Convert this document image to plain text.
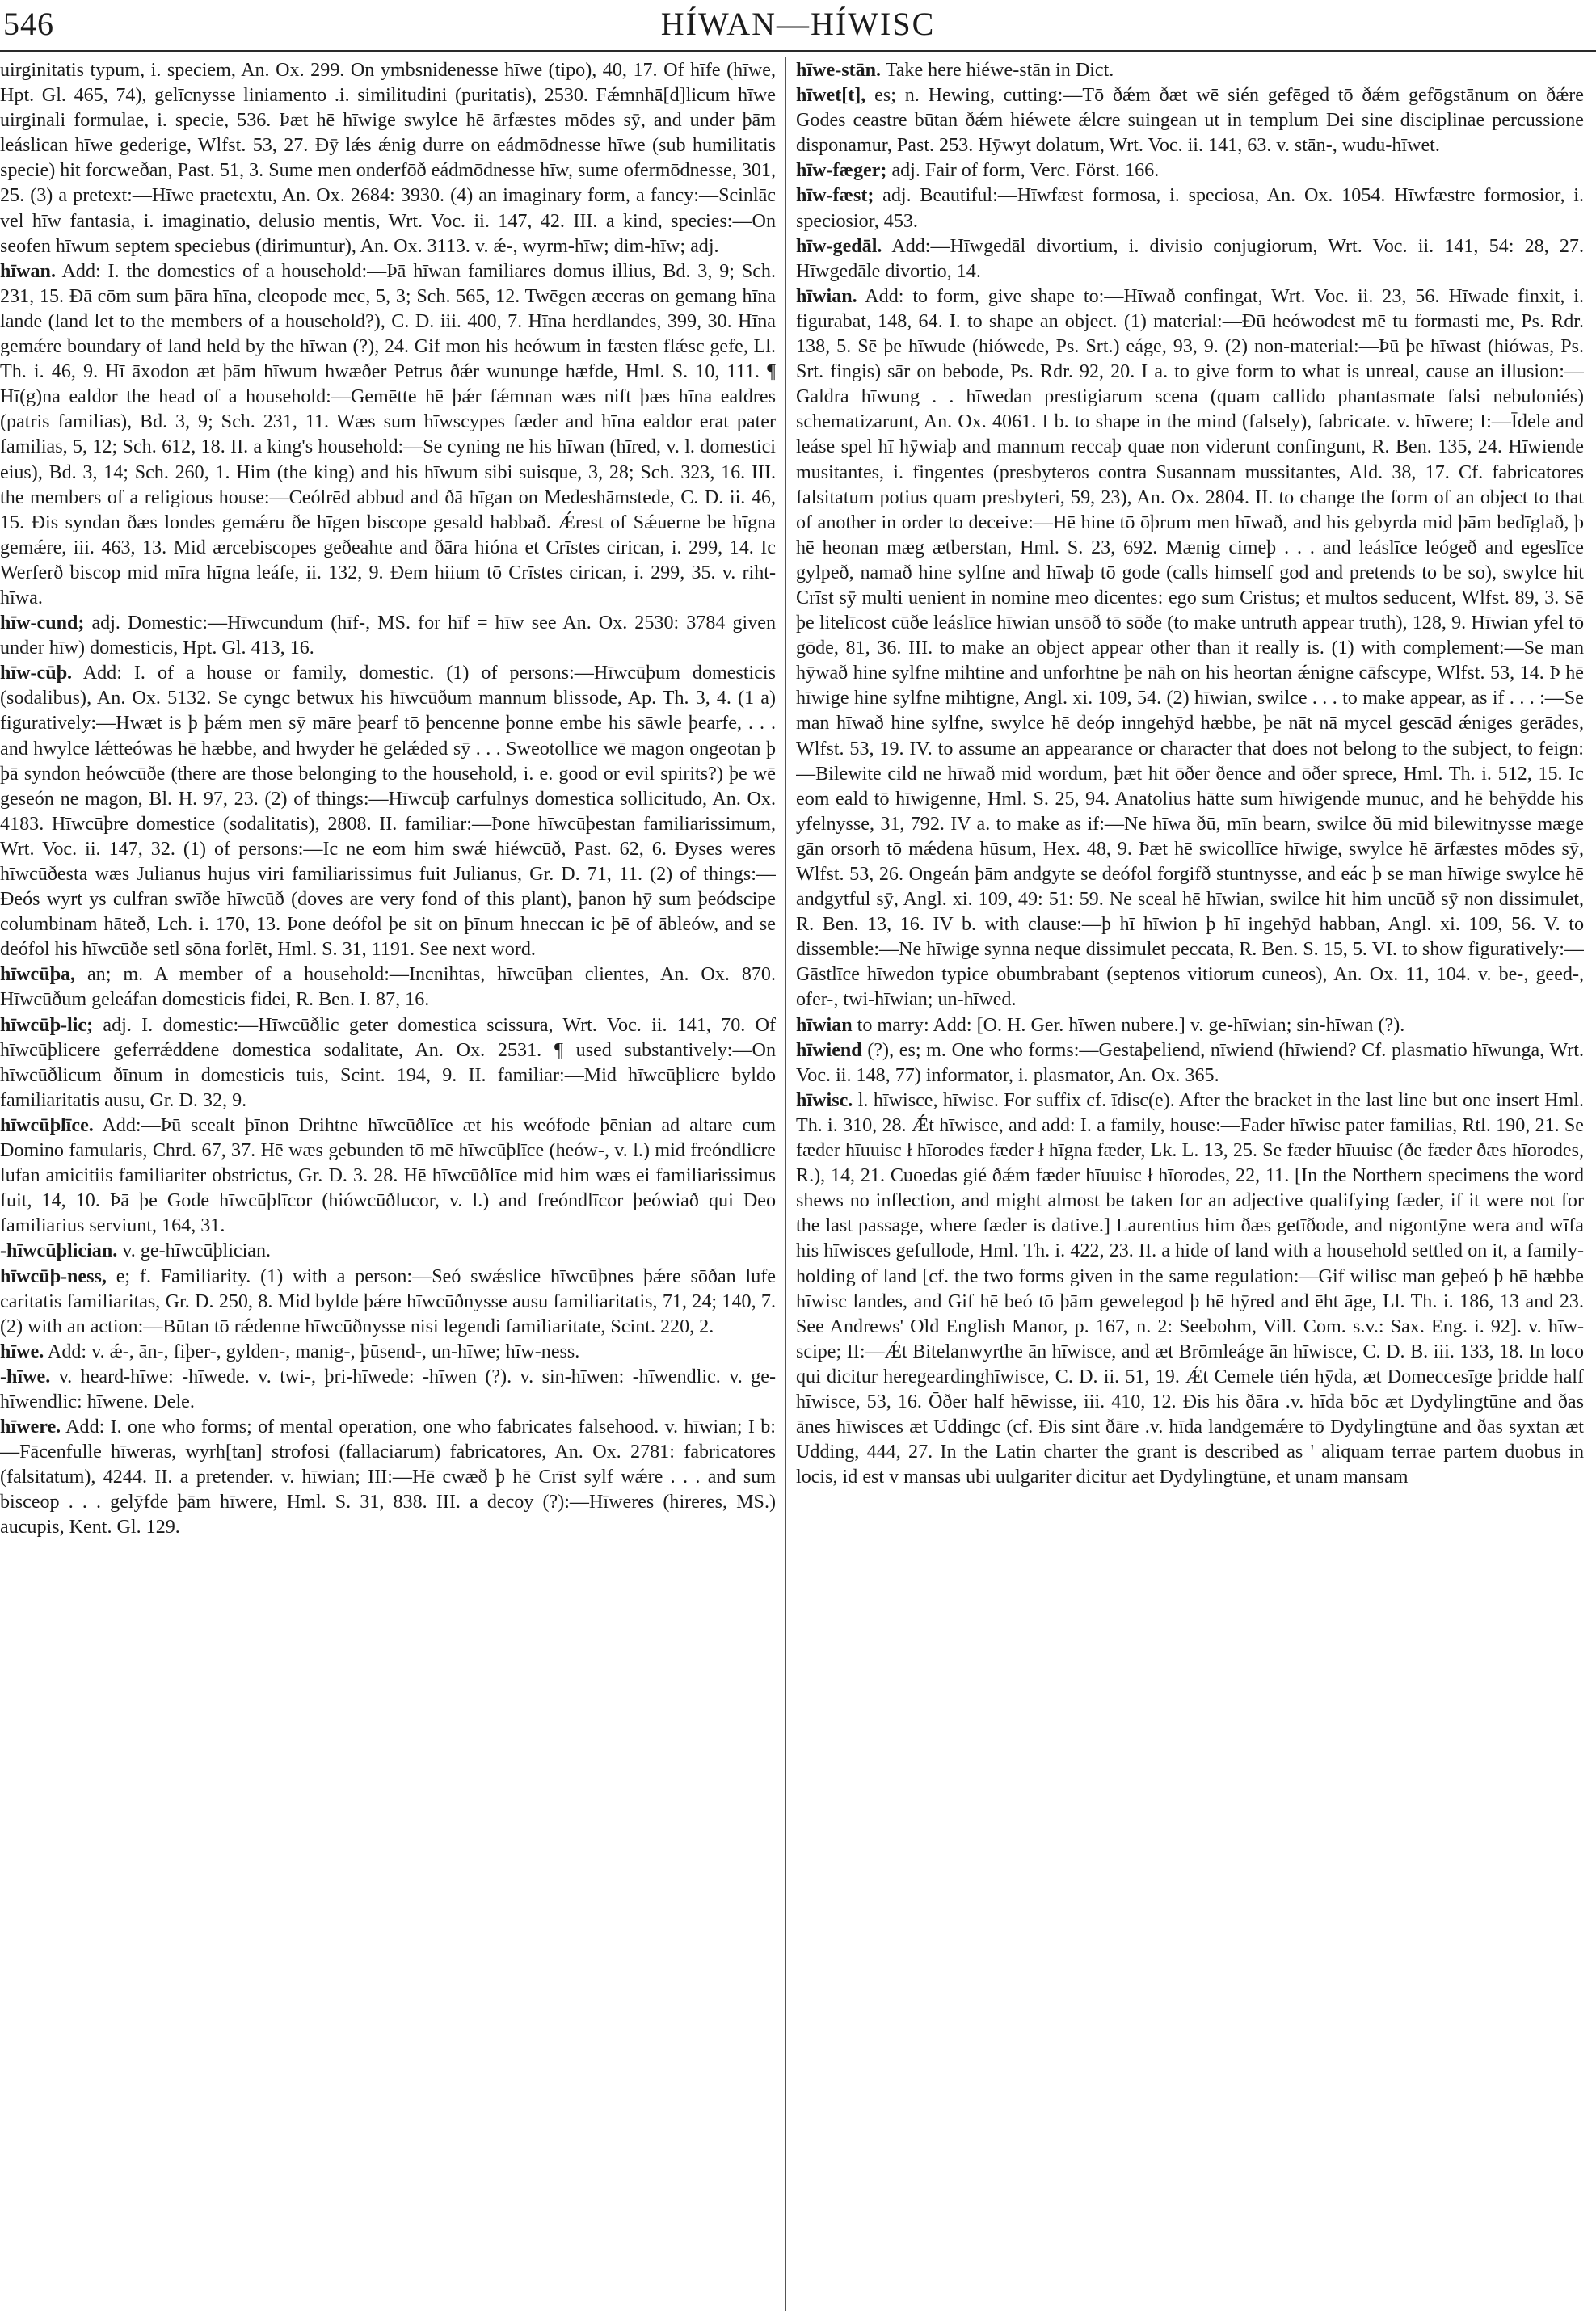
546	HÍWAN—HÍWISC

uirginitatis typum, i. speciem, An. Ox. 299. On ymbsnidenesse hīwe (tipo), 40, 17. Of hīfe (hīwe, Hpt. Gl. 465, 74), gelīcnysse liniamento .i. similitudini (puritatis), 2530. Fǽmnhā[d]licum hīwe uirginali formulae, i. specie, 536. Þæt hē hīwige swylce hē ārfæstes mōdes sȳ, and under þām leáslican hīwe gederige, Wlfst. 53, 27. Ðȳ lǽs ǽnig durre on eádmōdnesse hīwe (sub humilitatis specie) hit forcweðan, Past. 51, 3. Sume men onderfōð eádmōdnesse hīw, sume ofermōdnesse, 301, 25. (3) a pretext:—Hīwe praetextu, An. Ox. 2684: 3930. (4) an imaginary form, a fancy:—Scinlāc vel hīw fantasia, i. imaginatio, delusio mentis, Wrt. Voc. ii. 147, 42. III. a kind, species:—On seofen hīwum septem speciebus (dirimuntur), An. Ox. 3113. v. ǽ-, wyrm-hīw; dim-hīw; adj.

hīwan. Add: I. the domestics of a household:—Þā hīwan familiares domus illius, Bd. 3, 9; Sch. 231, 15. Ðā cōm sum þāra hīna, cleopode mec, 5, 3; Sch. 565, 12. Twēgen æceras on gemang hīna lande (land let to the members of a household?), C. D. iii. 400, 7. Hīna herdlandes, 399, 30. Hīna gemǽre boundary of land held by the hīwan (?), 24. Gif mon his heówum in fæsten flǽsc gefe, Ll. Th. i. 46, 9. Hī āxodon æt þām hīwum hwæðer Petrus ðǽr wununge hæfde, Hml. S. 10, 111. ¶ Hī(g)na ealdor the head of a household:—Gemētte hē þǽr fǽmnan wæs nift þæs hīna ealdres (patris familias), Bd. 3, 9; Sch. 231, 11. Wæs sum hīwscypes fæder and hīna ealdor erat pater familias, 5, 12; Sch. 612, 18. II. a king's household:—Se cyning ne his hīwan (hīred, v. l. domestici eius), Bd. 3, 14; Sch. 260, 1. Him (the king) and his hīwum sibi suisque, 3, 28; Sch. 323, 16. III. the members of a religious house:—Ceólrēd abbud and ðā hīgan on Medeshāmstede, C. D. ii. 46, 15. Ðis syndan ðæs londes gemǽru ðe hīgen biscope gesald habbað. Ǽrest of Sǽuerne be hīgna gemǽre, iii. 463, 13. Mid ærcebiscopes geðeahte and ðāra hióna et Crīstes cirican, i. 299, 14. Ic Werferð biscop mid mīra hīgna leáfe, ii. 132, 9. Ðem hiium tō Crīstes cirican, i. 299, 35. v. riht-hīwa.

hīw-cund; adj. Domestic:—Hīwcundum (hīf-, MS. for hīf = hīw see An. Ox. 2530: 3784 given under hīw) domesticis, Hpt. Gl. 413, 16.

hīw-cūþ. Add: I. of a house or family, domestic. (1) of persons:—Hīwcūþum domesticis (sodalibus), An. Ox. 5132. Se cyngc betwux his hīwcūðum mannum blissode, Ap. Th. 3, 4. (1 a) figuratively:—Hwæt is þ þǽm men sȳ māre þearf tō þencenne þonne embe his sāwle þearfe, . . . and hwylce lǽtteówas hē hæbbe, and hwyder hē gelǽded sȳ . . . Sweotollīce wē magon ongeotan þ þā syndon heówcūðe (there are those belonging to the household, i. e. good or evil spirits?) þe wē geseón ne magon, Bl. H. 97, 23. (2) of things:—Hīwcūþ carfulnys domestica sollicitudo, An. Ox. 4183. Hīwcūþre domestice (sodalitatis), 2808. II. familiar:—Þone hīwcūþestan familiarissimum, Wrt. Voc. ii. 147, 32. (1) of persons:—Ic ne eom him swǽ hiéwcūð, Past. 62, 6. Ðyses weres hīwcūðesta wæs Julianus hujus viri familiarissimus fuit Julianus, Gr. D. 71, 11. (2) of things:—Ðeós wyrt ys culfran swīðe hīwcūð (doves are very fond of this plant), þanon hȳ sum þeódscipe columbinam hāteð, Lch. i. 170, 13. Þone deófol þe sit on þīnum hneccan ic þē of ābleów, and se deófol his hīwcūðe setl sōna forlēt, Hml. S. 31, 1191. See next word.

hīwcūþa, an; m. A member of a household:—Incnihtas, hīwcūþan clientes, An. Ox. 870. Hīwcūðum geleáfan domesticis fidei, R. Ben. I. 87, 16.

hīwcūþ-lic; adj. I. domestic:—Hīwcūðlic geter domestica scissura, Wrt. Voc. ii. 141, 70. Of hīwcūþlicere geferrǽddene domestica sodalitate, An. Ox. 2531. ¶ used substantively:—On hīwcūðlicum ðīnum in domesticis tuis, Scint. 194, 9. II. familiar:—Mid hīwcūþlicre byldo familiaritatis ausu, Gr. D. 32, 9.

hīwcūþlīce. Add:—Þū scealt þīnon Drihtne hīwcūðlīce æt his weófode þēnian ad altare cum Domino famularis, Chrd. 67, 37. Hē wæs gebunden tō mē hīwcūþlīce (heów-, v. l.) mid freóndlicre lufan amicitiis familiariter obstrictus, Gr. D. 3. 28. Hē hīwcūðlīce mid him wæs ei familiarissimus fuit, 14, 10. Þā þe Gode hīwcūþlīcor (hiówcūðlucor, v. l.) and freóndlīcor þeówiað qui Deo familiarius serviunt, 164, 31.

-hīwcūþlician. v. ge-hīwcūþlician.

hīwcūþ-ness, e; f. Familiarity. (1) with a person:—Seó swǽslice hīwcūþnes þǽre sōðan lufe caritatis familiaritas, Gr. D. 250, 8. Mid bylde þǽre hīwcūðnysse ausu familiaritatis, 71, 24; 140, 7. (2) with an action:—Būtan tō rǽdenne hīwcūðnysse nisi legendi familiaritate, Scint. 220, 2.

hīwe. Add: v. ǽ-, ān-, fiþer-, gylden-, manig-, þūsend-, un-hīwe; hīw-ness.

-hīwe. v. heard-hīwe: -hīwede. v. twi-, þri-hīwede: -hīwen (?). v. sin-hīwen: -hīwendlic. v. ge-hīwendlic: hīwene. Dele.

hīwere. Add: I. one who forms; of mental operation, one who fabricates falsehood. v. hīwian; I b:—Fācenfulle hīweras, wyrh[tan] strofosi (fallaciarum) fabricatores, An. Ox. 2781: fabricatores (falsitatum), 4244. II. a pretender. v. hīwian; III:—Hē cwæð þ hē Crīst sylf wǽre . . . and sum bisceop . . . gelȳfde þām hīwere, Hml. S. 31, 838. III. a decoy (?):—Hīweres (hireres, MS.) aucupis, Kent. Gl. 129.

hīwe-stān. Take here hiéwe-stān in Dict.

hīwet[t], es; n. Hewing, cutting:—Tō ðǽm ðæt wē sién gefēged tō ðǽm gefōgstānum on ðǽre Godes ceastre būtan ðǽm hiéwete ǽlcre suingean ut in templum Dei sine disciplinae percussione disponamur, Past. 253. Hȳwyt dolatum, Wrt. Voc. ii. 141, 63. v. stān-, wudu-hīwet.

hīw-fæger; adj. Fair of form, Verc. Först. 166.

hīw-fæst; adj. Beautiful:—Hīwfæst formosa, i. speciosa, An. Ox. 1054. Hīwfæstre formosior, i. speciosior, 453.

hīw-gedāl. Add:—Hīwgedāl divortium, i. divisio conjugiorum, Wrt. Voc. ii. 141, 54: 28, 27. Hīwgedāle divortio, 14.

hīwian. Add: to form, give shape to:—Hīwað confingat, Wrt. Voc. ii. 23, 56. Hīwade finxit, i. figurabat, 148, 64. I. to shape an object. (1) material:—Ðū heówodest mē tu formasti me, Ps. Rdr. 138, 5. Sē þe hīwude (hiówede, Ps. Srt.) eáge, 93, 9. (2) non-material:—Þū þe hīwast (hiówas, Ps. Srt. fingis) sār on bebode, Ps. Rdr. 92, 20. I a. to give form to what is unreal, cause an illusion:—Galdra hīwung . . hīwedan prestigiarum scena (quam callido phantasmate falsi nebuloniés) schematizarunt, An. Ox. 4061. I b. to shape in the mind (falsely), fabricate. v. hīwere; I:—Īdele and leáse spel hī hȳwiaþ and mannum reccaþ quae non viderunt confingunt, R. Ben. 135, 24. Hīwiende musitantes, i. fingentes (presbyteros contra Susannam mussitantes, Ald. 38, 17. Cf. fabricatores falsitatum potius quam presbyteri, 59, 23), An. Ox. 2804. II. to change the form of an object to that of another in order to deceive:—Hē hine tō ōþrum men hīwað, and his gebyrda mid þām bedīglað, þ hē heonan mæg ætberstan, Hml. S. 23, 692. Mænig cimeþ . . . and leáslīce leógeð and egeslīce gylpeð, namað hine sylfne and hīwaþ tō gode (calls himself god and pretends to be so), swylce hit Crīst sȳ multi uenient in nomine meo dicentes: ego sum Cristus; et multos seducent, Wlfst. 89, 3. Sē þe litelīcost cūðe leáslīce hīwian unsōð tō sōðe (to make untruth appear truth), 128, 9. Hīwian yfel tō gōde, 81, 36. III. to make an object appear other than it really is. (1) with complement:—Se man hȳwað hine sylfne mihtine and unforhtne þe nāh on his heortan ǽnigne cāfscype, Wlfst. 53, 14. Þ hē hīwige hine sylfne mihtigne, Angl. xi. 109, 54. (2) hīwian, swilce . . . to make appear, as if . . . :—Se man hīwað hine sylfne, swylce hē deóp inngehȳd hæbbe, þe nāt nā mycel gescād ǽniges gerādes, Wlfst. 53, 19. IV. to assume an appearance or character that does not belong to the subject, to feign:—Bilewite cild ne hīwað mid wordum, þæt hit ōðer ðence and ōðer sprece, Hml. Th. i. 512, 15. Ic eom eald tō hīwigenne, Hml. S. 25, 94. Anatolius hātte sum hīwigende munuc, and hē behȳdde his yfelnysse, 31, 792. IV a. to make as if:—Ne hīwa ðū, mīn bearn, swilce ðū mid bilewitnysse mæge gān orsorh tō mǽdena hūsum, Hex. 48, 9. Þæt hē swicollīce hīwige, swylce hē ārfæstes mōdes sȳ, Wlfst. 53, 26. Ongeán þām andgyte se deófol forgifð stuntnysse, and eác þ se man hīwige swylce hē andgytful sȳ, Angl. xi. 109, 49: 51: 59. Ne sceal hē hīwian, swilce hit him uncūð sȳ non dissimulet, R. Ben. 13, 16. IV b. with clause:—þ hī hīwion þ hī ingehȳd habban, Angl. xi. 109, 56. V. to dissemble:—Ne hīwige synna neque dissimulet peccata, R. Ben. S. 15, 5. VI. to show figuratively:—Gāstlīce hīwedon typice obumbrabant (septenos vitiorum cuneos), An. Ox. 11, 104. v. be-, geed-, ofer-, twi-hīwian; un-hīwed.

hīwian to marry: Add: [O. H. Ger. hīwen nubere.] v. ge-hīwian; sin-hīwan (?).

hīwiend (?), es; m. One who forms:—Gestaþeliend, nīwiend (hīwiend? Cf. plasmatio hīwunga, Wrt. Voc. ii. 148, 77) informator, i. plasmator, An. Ox. 365.

hīwisc. l. hīwisce, hīwisc. For suffix cf. īdisc(e). After the bracket in the last line but one insert Hml. Th. i. 310, 28. Ǽt hīwisce, and add: I. a family, house:—Fader hīwisc pater familias, Rtl. 190, 21. Se fæder hīuuisc ł hīorodes fæder ł hīgna fæder, Lk. L. 13, 25. Se fæder hīuuisc (ðe fæder ðæs hīorodes, R.), 14, 21. Cuoedas gié ðǽm fæder hīuuisc ł hīorodes, 22, 11. [In the Northern specimens the word shews no inflection, and might almost be taken for an adjective qualifying fæder, if it were not for the last passage, where fæder is dative.] Laurentius him ðæs getīðode, and nigontȳne wera and wīfa his hīwisces gefullode, Hml. Th. i. 422, 23. II. a hide of land with a household settled on it, a family-holding of land [cf. the two forms given in the same regulation:—Gif wilisc man geþeó þ hē hæbbe hīwisc landes, and Gif hē beó tō þām gewelegod þ hē hȳred and ēht āge, Ll. Th. i. 186, 13 and 23. See Andrews' Old English Manor, p. 167, n. 2: Seebohm, Vill. Com. s.v.: Sax. Eng. i. 92]. v. hīw-scipe; II:—Ǽt Bitelanwyrthe ān hīwisce, and æt Brōmleáge ān hīwisce, C. D. B. iii. 133, 18. In loco qui dicitur heregeardinghīwisce, C. D. ii. 51, 19. Ǽt Cemele tién hȳda, æt Domeccesīge þridde half hīwisce, 53, 16. Ōðer half hēwisse, iii. 410, 12. Ðis his ðāra .v. hīda bōc æt Dydylingtūne and ðas ānes hīwisces æt Uddingc (cf. Ðis sint ðāre .v. hīda landgemǽre tō Dydylingtūne and ðas syxtan æt Udding, 444, 27. In the Latin charter the grant is described as ' aliquam terrae partem duobus in locis, id est v mansas ubi uulgariter dicitur aet Dydylingtūne, et unam mansam
